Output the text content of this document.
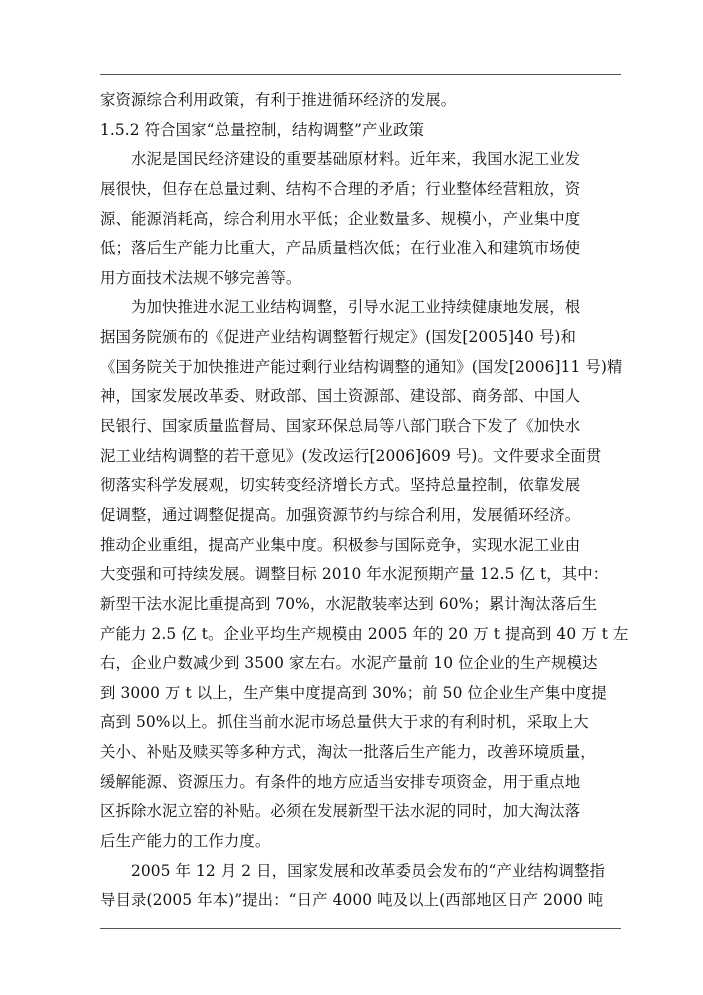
家资源综合利用政策，有利于推进循环经济的发展。
1.5.2 符合国家“总量控制，结构调整”产业政策
水泥是国民经济建设的重要基础原材料。近年来，我国水泥工业发
展很快，但存在总量过剩、结构不合理的矛盾；行业整体经营粗放，资
源、能源消耗高，综合利用水平低；企业数量多、规模小，产业集中度
低；落后生产能力比重大，产品质量档次低；在行业准入和建筑市场使
用方面技术法规不够完善等。
为加快推进水泥工业结构调整，引导水泥工业持续健康地发展，根
据国务院颁布的《促进产业结构调整暂行规定》(国发[2005]40 号)和
《国务院关于加快推进产能过剩行业结构调整的通知》(国发[2006]11 号)精
神，国家发展改革委、财政部、国土资源部、建设部、商务部、中国人
民银行、国家质量监督局、国家环保总局等八部门联合下发了《加快水
泥工业结构调整的若干意见》(发改运行[2006]609 号)。文件要求全面贯
彻落实科学发展观，切实转变经济增长方式。坚持总量控制，依靠发展
促调整，通过调整促提高。加强资源节约与综合利用，发展循环经济。
推动企业重组，提高产业集中度。积极参与国际竞争，实现水泥工业由
大变强和可持续发展。调整目标 2010 年水泥预期产量 12.5 亿 t，其中：
新型干法水泥比重提高到 70%，水泥散装率达到 60%；累计淘汰落后生
产能力 2.5 亿 t。企业平均生产规模由 2005 年的 20 万 t 提高到 40 万 t 左
右，企业户数减少到 3500 家左右。水泥产量前 10 位企业的生产规模达
到 3000 万 t 以上，生产集中度提高到 30%；前 50 位企业生产集中度提
高到 50%以上。抓住当前水泥市场总量供大于求的有利时机，采取上大
关小、补贴及赎买等多种方式，淘汰一批落后生产能力，改善环境质量，
缓解能源、资源压力。有条件的地方应适当安排专项资金，用于重点地
区拆除水泥立窑的补贴。必须在发展新型干法水泥的同时，加大淘汰落
后生产能力的工作力度。
2005 年 12 月 2 日，国家发展和改革委员会发布的“产业结构调整指
导目录(2005 年本)”提出：“日产 4000 吨及以上(西部地区日产 2000 吨
